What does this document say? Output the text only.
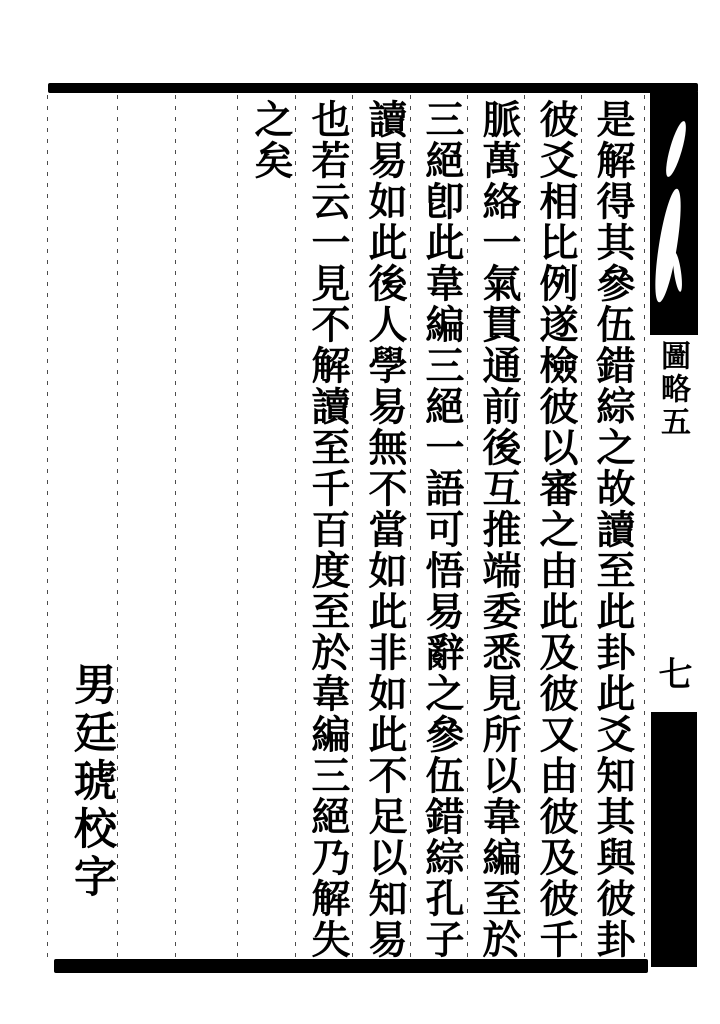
圖略五
七
是解得其參伍錯綜之故讀至此卦此爻知其與彼卦
彼爻相比例遂檢彼以審之由此及彼又由彼及彼千
脈萬絡一氣貫通前後互推端委悉見所以韋編至於
三絕卽此韋編三絕一語可悟易辭之參伍錯綜孔子
讀易如此後人學易無不當如此非如此不足以知易
也若云一見不解讀至千百度至於韋編三絕乃解失
之矣
男廷琥校字
